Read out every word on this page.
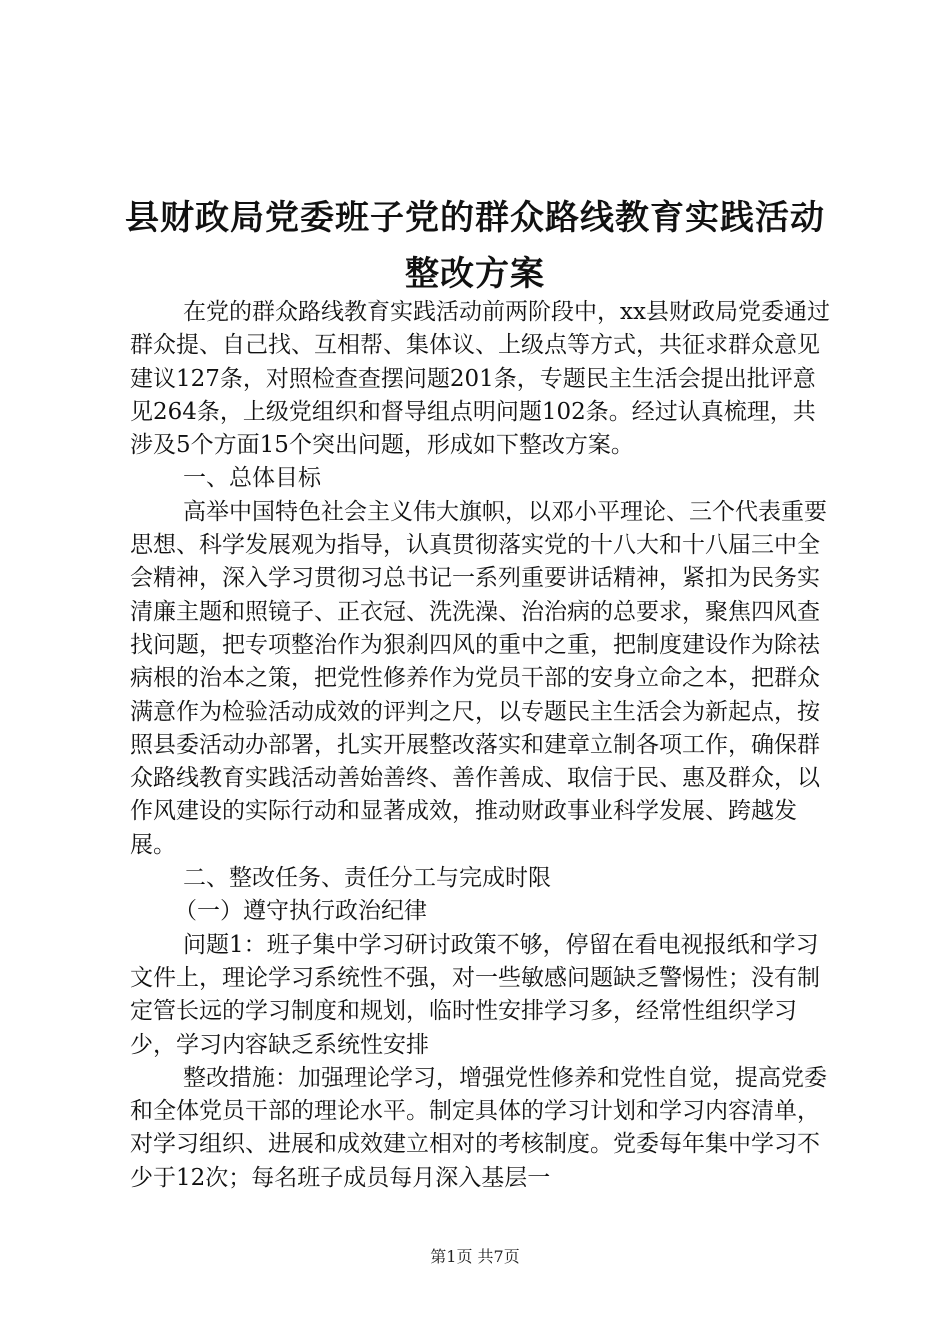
县财政局党委班子党的群众路线教育实践活动
整改方案

在党的群众路线教育实践活动前两阶段中，xx县财政局党委通过群众提、自己找、互相帮、集体议、上级点等方式，共征求群众意见建议127条，对照检查查摆问题201条，专题民主生活会提出批评意见264条，上级党组织和督导组点明问题102条。经过认真梳理，共涉及5个方面15个突出问题，形成如下整改方案。

一、总体目标

高举中国特色社会主义伟大旗帜，以邓小平理论、三个代表重要思想、科学发展观为指导，认真贯彻落实党的十八大和十八届三中全会精神，深入学习贯彻习总书记一系列重要讲话精神，紧扣为民务实清廉主题和照镜子、正衣冠、洗洗澡、治治病的总要求，聚焦四风查找问题，把专项整治作为狠刹四风的重中之重，把制度建设作为除祛病根的治本之策，把党性修养作为党员干部的安身立命之本，把群众满意作为检验活动成效的评判之尺，以专题民主生活会为新起点，按照县委活动办部署，扎实开展整改落实和建章立制各项工作，确保群众路线教育实践活动善始善终、善作善成、取信于民、惠及群众，以作风建设的实际行动和显著成效，推动财政事业科学发展、跨越发展。

二、整改任务、责任分工与完成时限

（一）遵守执行政治纪律

问题1：班子集中学习研讨政策不够，停留在看电视报纸和学习文件上，理论学习系统性不强，对一些敏感问题缺乏警惕性；没有制定管长远的学习制度和规划，临时性安排学习多，经常性组织学习少，学习内容缺乏系统性安排

整改措施：加强理论学习，增强党性修养和党性自觉，提高党委和全体党员干部的理论水平。制定具体的学习计划和学习内容清单，对学习组织、进展和成效建立相对的考核制度。党委每年集中学习不少于12次；每名班子成员每月深入基层一

第1页 共7页
